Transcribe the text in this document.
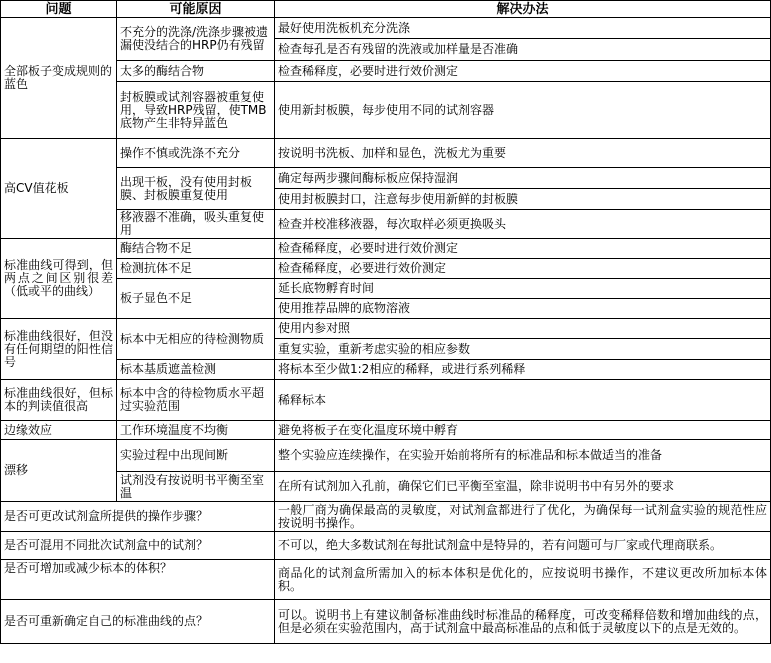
问题	可能原因	解决办法
全部板子变成规则的蓝色	不充分的洗涤/洗涤步骤被遗漏使没结合的HRP仍有残留	最好使用洗板机充分洗涤
		检查每孔是否有残留的洗液或加样量是否准确
	太多的酶结合物	检查稀释度，必要时进行效价测定
	封板膜或试剂容器被重复使用，导致HRP残留，使TMB底物产生非特异蓝色	使用新封板膜，每步使用不同的试剂容器
高CV值花板	操作不慎或洗涤不充分	按说明书洗板、加样和显色，洗板尤为重要
	出现干板，没有使用封板膜、封板膜重复使用	确定每两步骤间酶标板应保持湿润
		使用封板膜封口，注意每步使用新鲜的封板膜
	移液器不准确，吸头重复使用	检查并校准移液器，每次取样必须更换吸头
标准曲线可得到，但两点之间区别很差（低或平的曲线）	酶结合物不足	检查稀释度，必要时进行效价测定
	检测抗体不足	检查稀释度，必要进行效价测定
	板子显色不足	延长底物孵育时间
		使用推荐品牌的底物溶液
标准曲线很好，但没有任何期望的阳性信号	标本中无相应的待检测物质	使用内参对照
		重复实验，重新考虑实验的相应参数
	标本基质遮盖检测	将标本至少做1:2相应的稀释，或进行系列稀释
标准曲线很好，但标本的判读值很高	标本中含的待检物质水平超过实验范围	稀释标本
边缘效应	工作环境温度不均衡	避免将板子在变化温度环境中孵育
漂移	实验过程中出现间断	整个实验应连续操作，在实验开始前将所有的标准品和标本做适当的准备
	试剂没有按说明书平衡至室温	在所有试剂加入孔前，确保它们已平衡至室温，除非说明书中有另外的要求
是否可更改试剂盒所提供的操作步骤？		一般厂商为确保最高的灵敏度，对试剂盒都进行了优化，为确保每一试剂盒实验的规范性应按说明书操作。
是否可混用不同批次试剂盒中的试剂？		不可以，绝大多数试剂在每批试剂盒中是特异的，若有问题可与厂家或代理商联系。
是否可增加或减少标本的体积？		商品化的试剂盒所需加入的标本体积是优化的，应按说明书操作，不建议更改所加标本体积。
是否可重新确定自己的标准曲线的点？		可以。说明书上有建议制备标准曲线时标准品的稀释度，可改变稀释倍数和增加曲线的点，但是必须在实验范围内，高于试剂盒中最高标准品的点和低于灵敏度以下的点是无效的。
